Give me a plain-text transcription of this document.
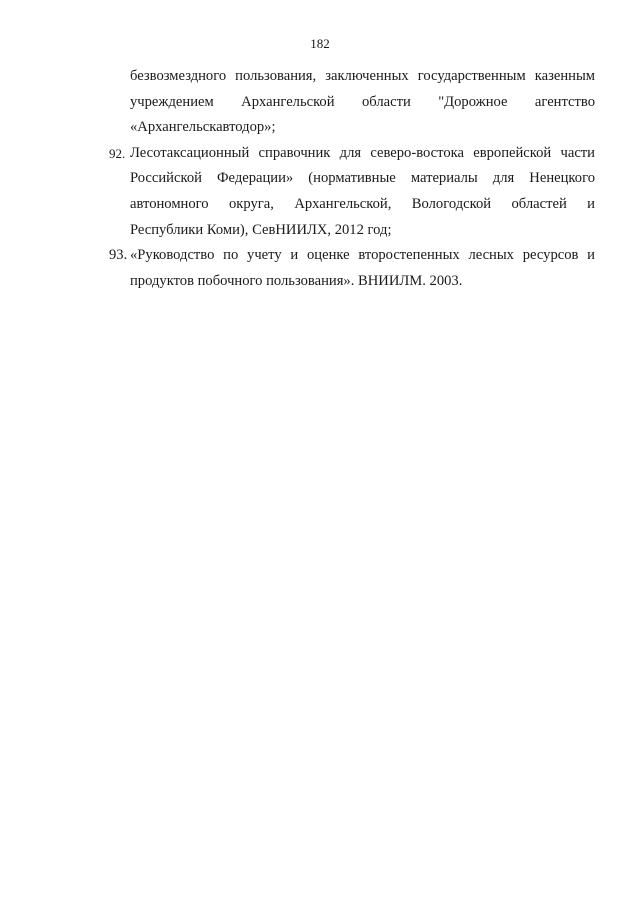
182
безвозмездного пользования, заключенных государственным казенным
учреждением Архангельской области "Дорожное агентство
«Архангельскавтодор»;
92. Лесотаксационный справочник для северо-востока европейской части
Российской Федерации» (нормативные материалы для Ненецкого
автономного округа, Архангельской, Вологодской областей и
Республики Коми), СевНИИЛХ, 2012 год;
93. «Руководство по учету и оценке второстепенных лесных ресурсов и
продуктов побочного пользования». ВНИИЛМ. 2003.
